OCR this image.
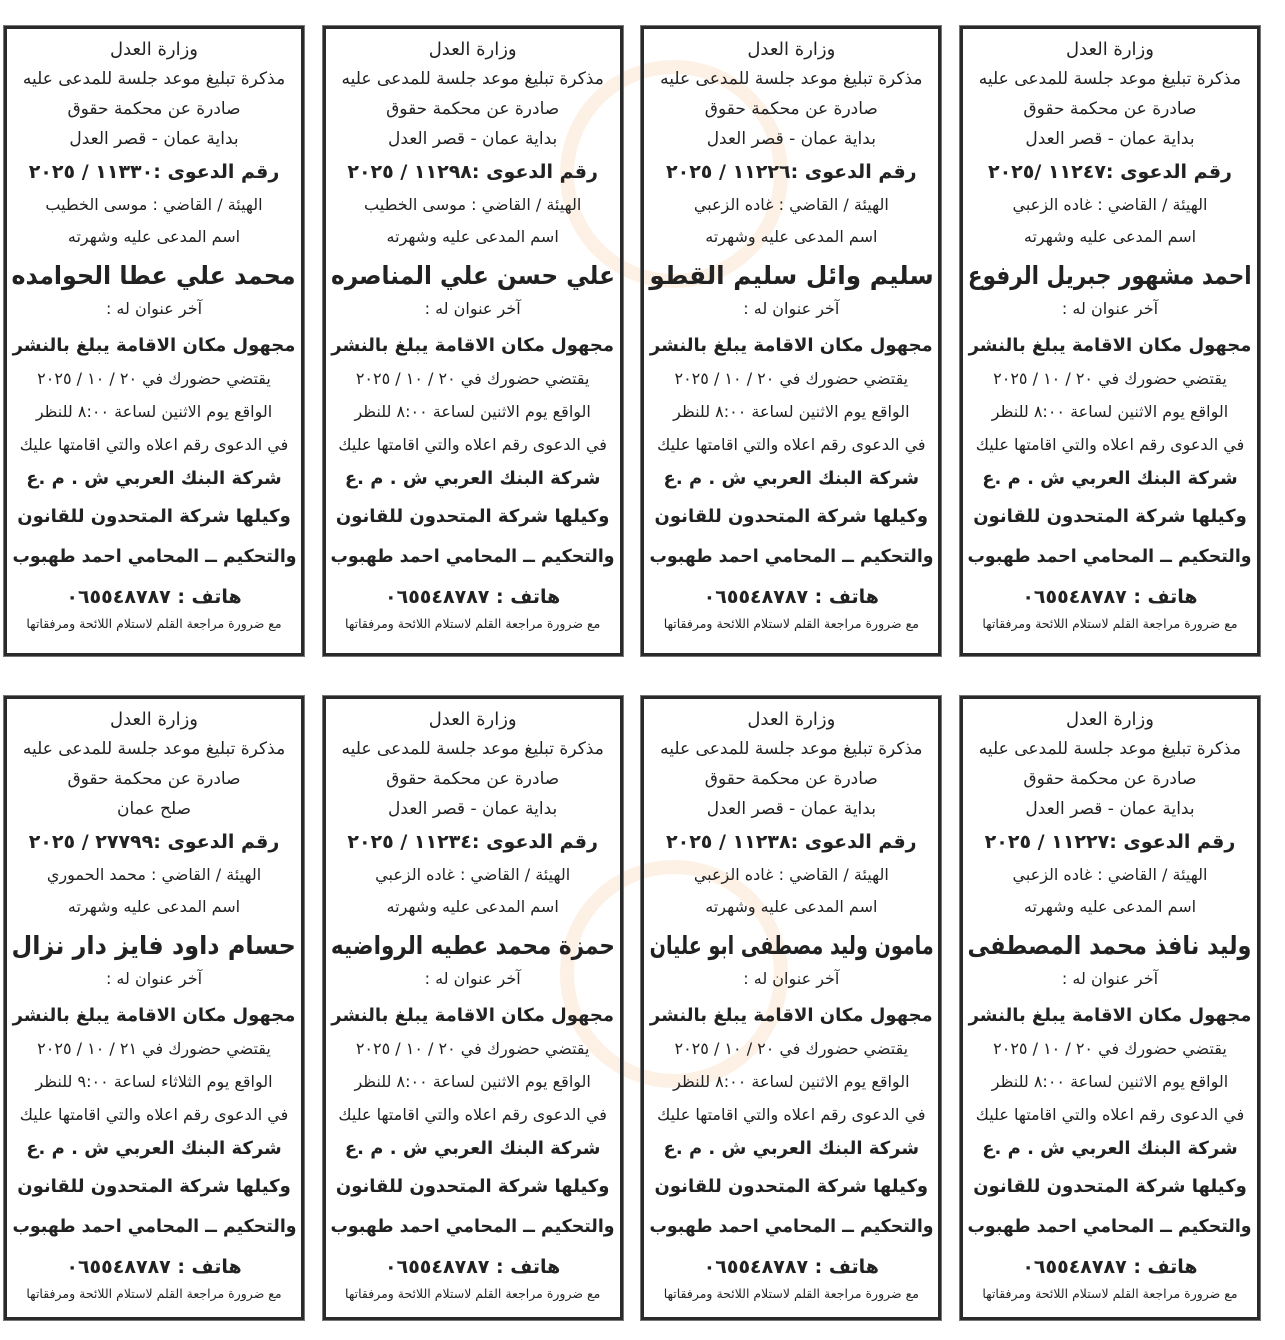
وزارة العدل
مذكرة تبليغ موعد جلسة للمدعى عليه
صادرة عن محكمة حقوق
بداية عمان - قصر العدل
رقم الدعوى :١١٢٤٧ /٢٠٢٥
الهيئة / القاضي : غاده الزعبي
اسم المدعى عليه وشهرته
احمد مشهور جبريل الرفوع
آخر عنوان له :
مجهول مكان الاقامة يبلغ بالنشر
يقتضي حضورك في ٢٠ / ١٠ / ٢٠٢٥
الواقع يوم الاثنين لساعة ٨:٠٠ للنظر
في الدعوى رقم اعلاه والتي اقامتها عليك
شركة البنك العربي ش . م .ع
وكيلها شركة المتحدون للقانون
والتحكيم ــ المحامي احمد طهبوب
هاتف : ٠٦٥٥٤٨٧٨٧
مع ضرورة مراجعة القلم لاستلام اللائحة ومرفقاتها
وزارة العدل
مذكرة تبليغ موعد جلسة للمدعى عليه
صادرة عن محكمة حقوق
بداية عمان - قصر العدل
رقم الدعوى :١١٢٢٦ / ٢٠٢٥
الهيئة / القاضي : غاده الزعبي
اسم المدعى عليه وشهرته
سليم وائل سليم القطو
آخر عنوان له :
مجهول مكان الاقامة يبلغ بالنشر
يقتضي حضورك في ٢٠ / ١٠ / ٢٠٢٥
الواقع يوم الاثنين لساعة ٨:٠٠ للنظر
في الدعوى رقم اعلاه والتي اقامتها عليك
شركة البنك العربي ش . م .ع
وكيلها شركة المتحدون للقانون
والتحكيم ــ المحامي احمد طهبوب
هاتف : ٠٦٥٥٤٨٧٨٧
مع ضرورة مراجعة القلم لاستلام اللائحة ومرفقاتها
وزارة العدل
مذكرة تبليغ موعد جلسة للمدعى عليه
صادرة عن محكمة حقوق
بداية عمان - قصر العدل
رقم الدعوى :١١٢٩٨ / ٢٠٢٥
الهيئة / القاضي : موسى الخطيب
اسم المدعى عليه وشهرته
علي حسن علي المناصره
آخر عنوان له :
مجهول مكان الاقامة يبلغ بالنشر
يقتضي حضورك في ٢٠ / ١٠ / ٢٠٢٥
الواقع يوم الاثنين لساعة ٨:٠٠ للنظر
في الدعوى رقم اعلاه والتي اقامتها عليك
شركة البنك العربي ش . م .ع
وكيلها شركة المتحدون للقانون
والتحكيم ــ المحامي احمد طهبوب
هاتف : ٠٦٥٥٤٨٧٨٧
مع ضرورة مراجعة القلم لاستلام اللائحة ومرفقاتها
وزارة العدل
مذكرة تبليغ موعد جلسة للمدعى عليه
صادرة عن محكمة حقوق
بداية عمان - قصر العدل
رقم الدعوى :١١٣٣٠ / ٢٠٢٥
الهيئة / القاضي : موسى الخطيب
اسم المدعى عليه وشهرته
محمد علي عطا الحوامده
آخر عنوان له :
مجهول مكان الاقامة يبلغ بالنشر
يقتضي حضورك في ٢٠ / ١٠ / ٢٠٢٥
الواقع يوم الاثنين لساعة ٨:٠٠ للنظر
في الدعوى رقم اعلاه والتي اقامتها عليك
شركة البنك العربي ش . م .ع
وكيلها شركة المتحدون للقانون
والتحكيم ــ المحامي احمد طهبوب
هاتف : ٠٦٥٥٤٨٧٨٧
مع ضرورة مراجعة القلم لاستلام اللائحة ومرفقاتها
وزارة العدل
مذكرة تبليغ موعد جلسة للمدعى عليه
صادرة عن محكمة حقوق
بداية عمان - قصر العدل
رقم الدعوى :١١٢٢٧ / ٢٠٢٥
الهيئة / القاضي : غاده الزعبي
اسم المدعى عليه وشهرته
وليد نافذ محمد المصطفى
آخر عنوان له :
مجهول مكان الاقامة يبلغ بالنشر
يقتضي حضورك في ٢٠ / ١٠ / ٢٠٢٥
الواقع يوم الاثنين لساعة ٨:٠٠ للنظر
في الدعوى رقم اعلاه والتي اقامتها عليك
شركة البنك العربي ش . م .ع
وكيلها شركة المتحدون للقانون
والتحكيم ــ المحامي احمد طهبوب
هاتف : ٠٦٥٥٤٨٧٨٧
مع ضرورة مراجعة القلم لاستلام اللائحة ومرفقاتها
وزارة العدل
مذكرة تبليغ موعد جلسة للمدعى عليه
صادرة عن محكمة حقوق
بداية عمان - قصر العدل
رقم الدعوى :١١٢٣٨ / ٢٠٢٥
الهيئة / القاضي : غاده الزعبي
اسم المدعى عليه وشهرته
مامون وليد مصطفى ابو عليان
آخر عنوان له :
مجهول مكان الاقامة يبلغ بالنشر
يقتضي حضورك في ٢٠ / ١٠ / ٢٠٢٥
الواقع يوم الاثنين لساعة ٨:٠٠ للنظر
في الدعوى رقم اعلاه والتي اقامتها عليك
شركة البنك العربي ش . م .ع
وكيلها شركة المتحدون للقانون
والتحكيم ــ المحامي احمد طهبوب
هاتف : ٠٦٥٥٤٨٧٨٧
مع ضرورة مراجعة القلم لاستلام اللائحة ومرفقاتها
وزارة العدل
مذكرة تبليغ موعد جلسة للمدعى عليه
صادرة عن محكمة حقوق
بداية عمان - قصر العدل
رقم الدعوى :١١٢٣٤ / ٢٠٢٥
الهيئة / القاضي : غاده الزعبي
اسم المدعى عليه وشهرته
حمزة محمد عطيه الرواضيه
آخر عنوان له :
مجهول مكان الاقامة يبلغ بالنشر
يقتضي حضورك في ٢٠ / ١٠ / ٢٠٢٥
الواقع يوم الاثنين لساعة ٨:٠٠ للنظر
في الدعوى رقم اعلاه والتي اقامتها عليك
شركة البنك العربي ش . م .ع
وكيلها شركة المتحدون للقانون
والتحكيم ــ المحامي احمد طهبوب
هاتف : ٠٦٥٥٤٨٧٨٧
مع ضرورة مراجعة القلم لاستلام اللائحة ومرفقاتها
وزارة العدل
مذكرة تبليغ موعد جلسة للمدعى عليه
صادرة عن محكمة حقوق
صلح عمان
رقم الدعوى :٢٧٧٩٩ / ٢٠٢٥
الهيئة / القاضي : محمد الحموري
اسم المدعى عليه وشهرته
حسام داود فايز دار نزال
آخر عنوان له :
مجهول مكان الاقامة يبلغ بالنشر
يقتضي حضورك في ٢١ / ١٠ / ٢٠٢٥
الواقع يوم الثلاثاء لساعة ٩:٠٠ للنظر
في الدعوى رقم اعلاه والتي اقامتها عليك
شركة البنك العربي ش . م .ع
وكيلها شركة المتحدون للقانون
والتحكيم ــ المحامي احمد طهبوب
هاتف : ٠٦٥٥٤٨٧٨٧
مع ضرورة مراجعة القلم لاستلام اللائحة ومرفقاتها
